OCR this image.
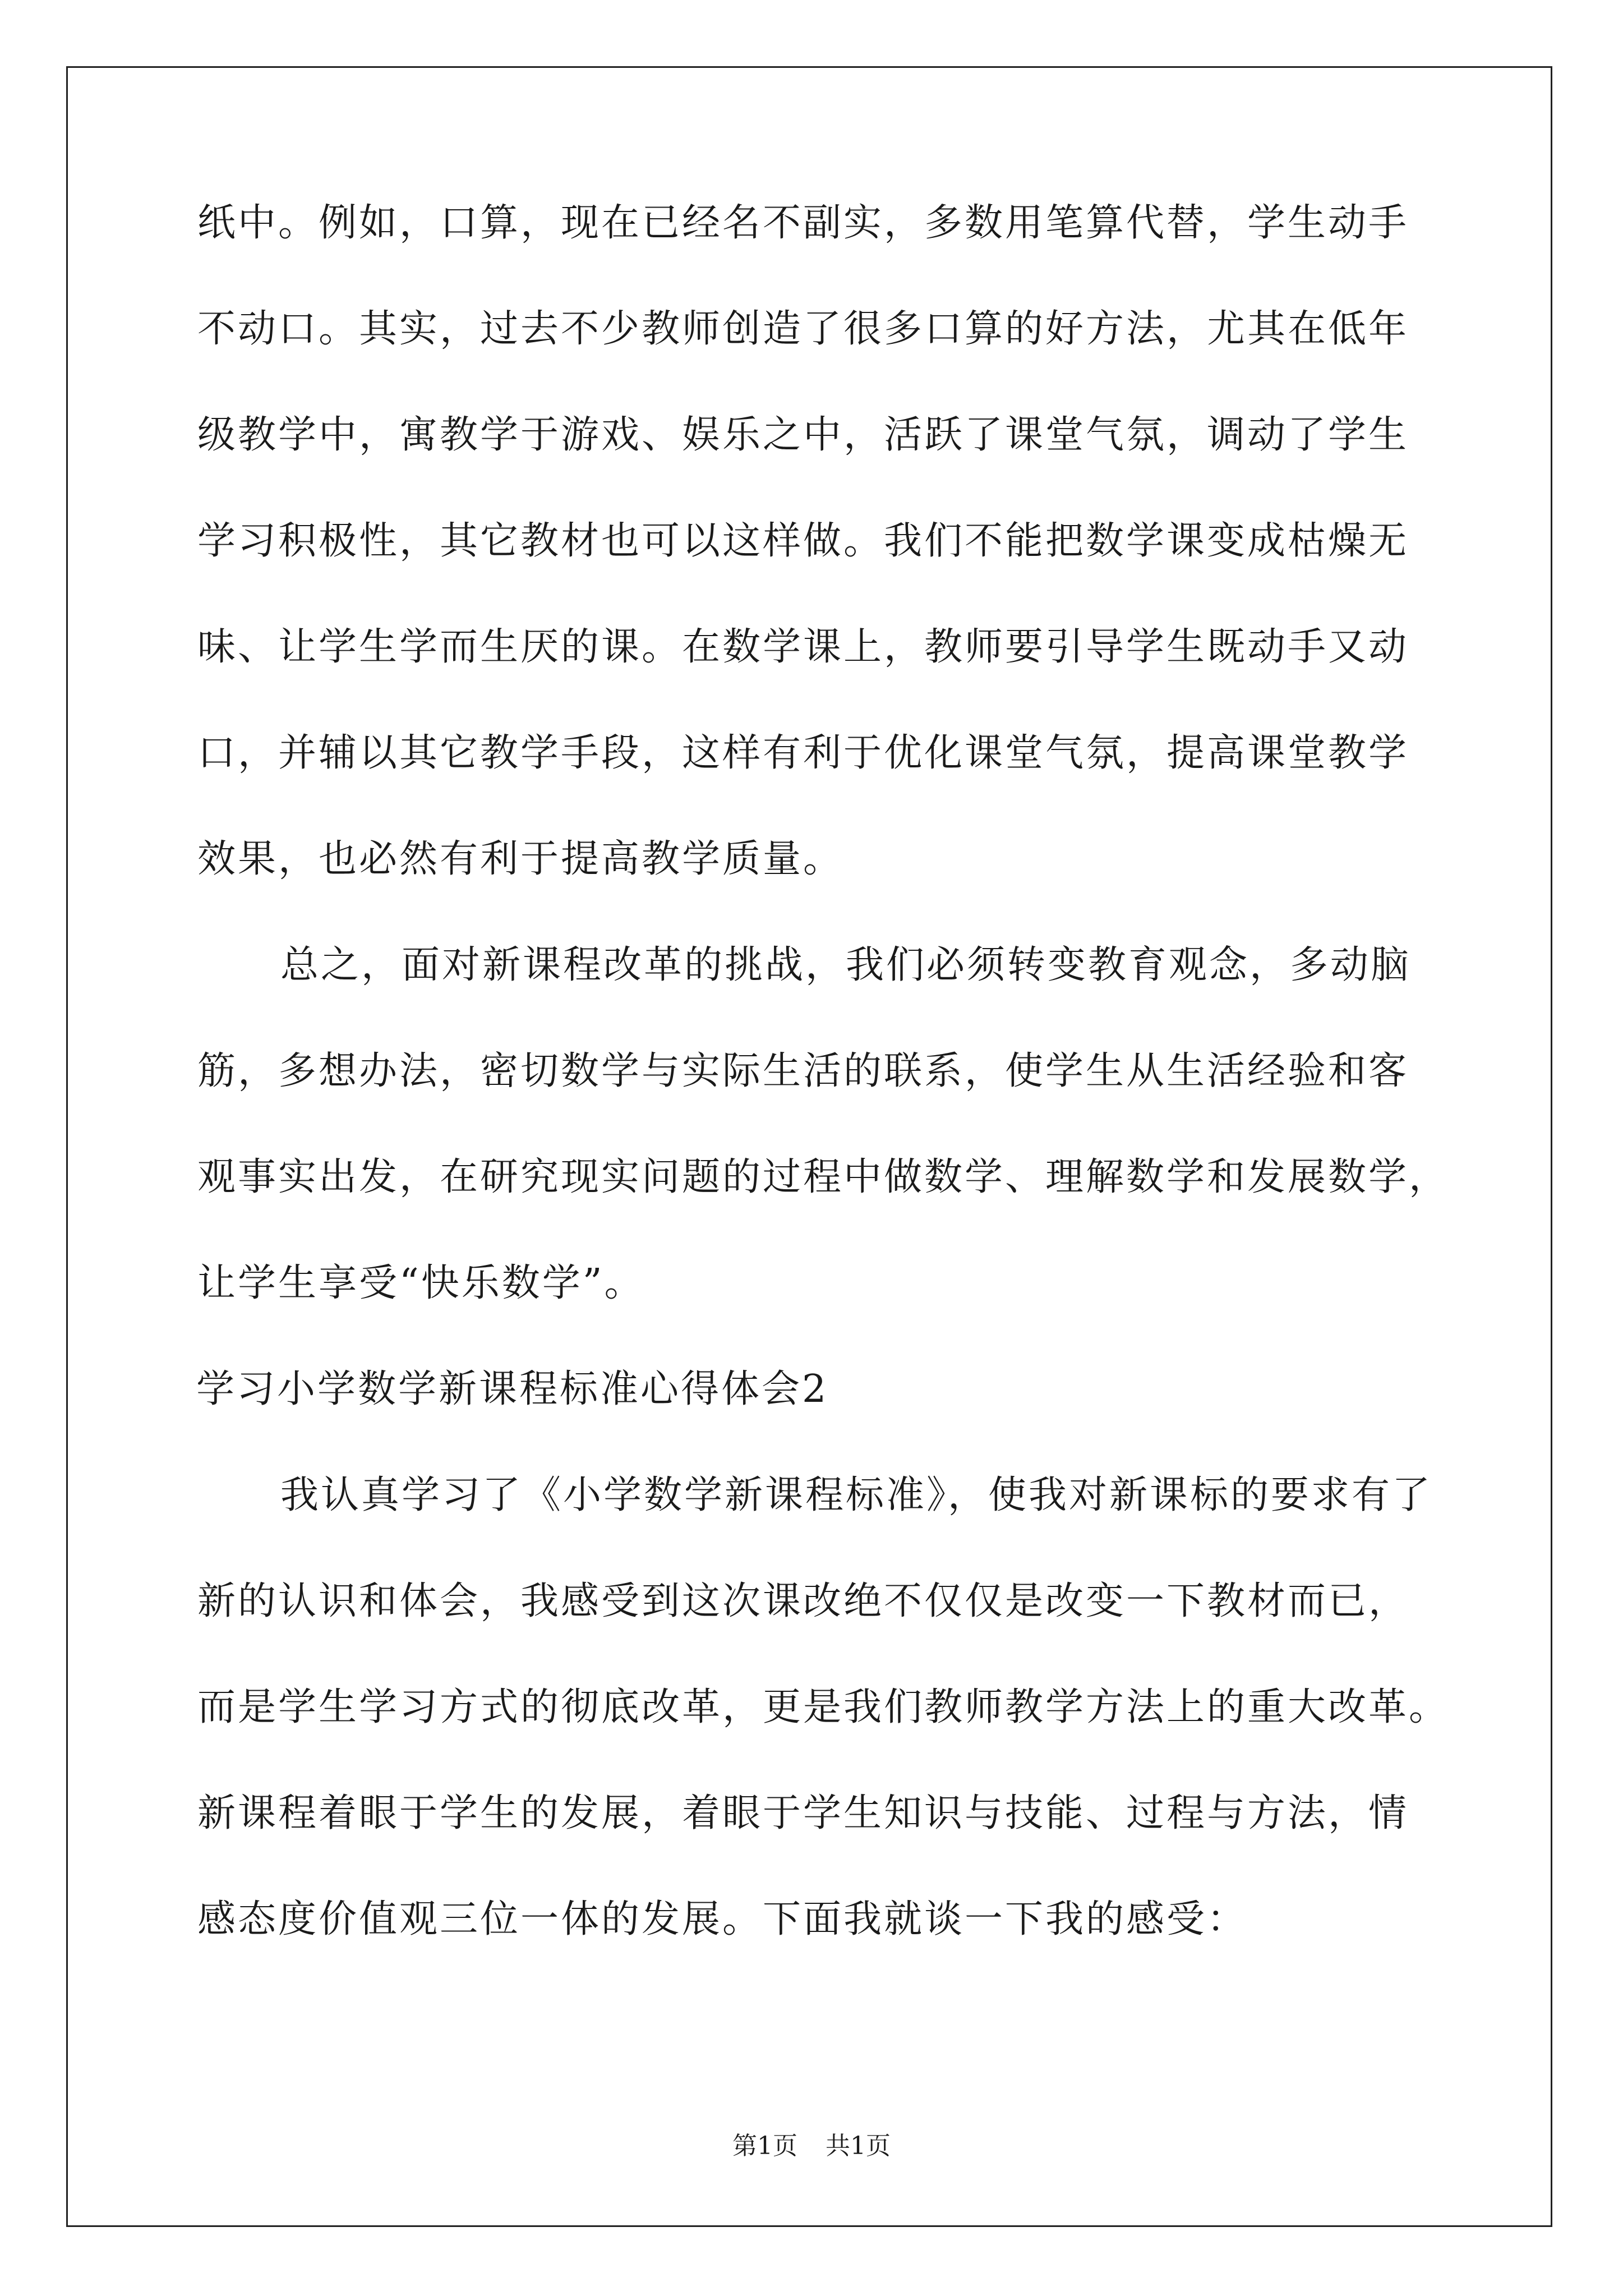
纸中。例如，口算，现在已经名不副实，多数用笔算代替，学生动手
不动口。其实，过去不少教师创造了很多口算的好方法，尤其在低年
级教学中，寓教学于游戏、娱乐之中，活跃了课堂气氛，调动了学生
学习积极性，其它教材也可以这样做。我们不能把数学课变成枯燥无
味、让学生学而生厌的课。在数学课上，教师要引导学生既动手又动
口，并辅以其它教学手段，这样有利于优化课堂气氛，提高课堂教学
效果，也必然有利于提高教学质量。
总之，面对新课程改革的挑战，我们必须转变教育观念，多动脑
筋，多想办法，密切数学与实际生活的联系，使学生从生活经验和客
观事实出发，在研究现实问题的过程中做数学、理解数学和发展数学，
让学生享受“快乐数学”。
学习小学数学新课程标准心得体会2
我认真学习了《小学数学新课程标准》，使我对新课标的要求有了
新的认识和体会，我感受到这次课改绝不仅仅是改变一下教材而已，
而是学生学习方式的彻底改革，更是我们教师教学方法上的重大改革。
新课程着眼于学生的发展，着眼于学生知识与技能、过程与方法，情
感态度价值观三位一体的发展。下面我就谈一下我的感受：
第1页 共1页
